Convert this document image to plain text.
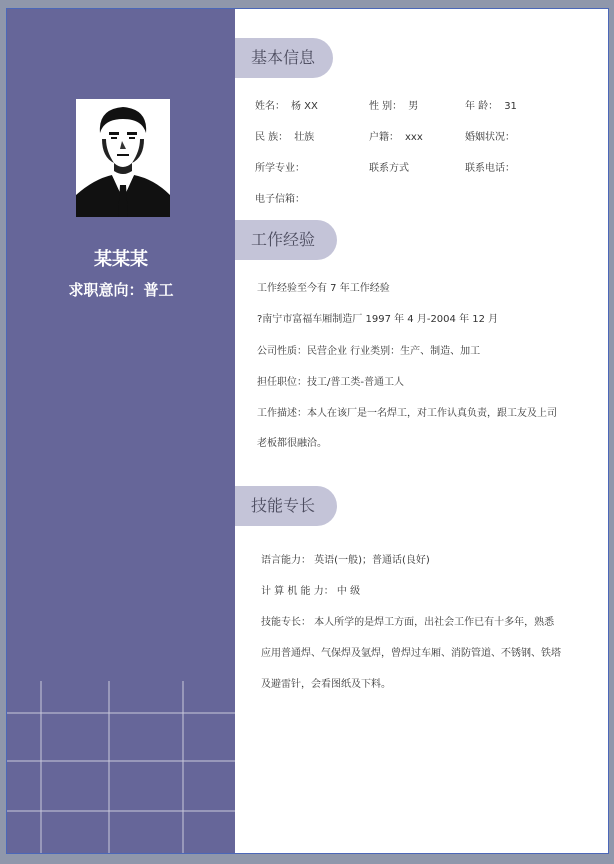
某某某
求职意向：普工
基本信息
姓名： 杨 XX	性 别： 男	年 龄： 31
民 族： 壮族	户籍： xxx	婚姻状况：
所学专业：	联系方式	联系电话：
电子信箱：
工作经验
工作经验至今有 7 年工作经验
?南宁市富福车厢制造厂 1997 年 4 月-2004 年 12 月
公司性质：民营企业 行业类别：生产、制造、加工
担任职位：技工/普工类-普通工人
工作描述：本人在该厂是一名焊工，对工作认真负责，跟工友及上司
老板都很融洽。
技能专长
语言能力： 英语(一般)；普通话(良好)
计 算 机 能 力： 中 级
技能专长： 本人所学的是焊工方面，出社会工作已有十多年，熟悉
应用普通焊、气保焊及氩焊，曾焊过车厢、消防管道、不锈钢、铁塔
及避雷针，会看图纸及下料。
